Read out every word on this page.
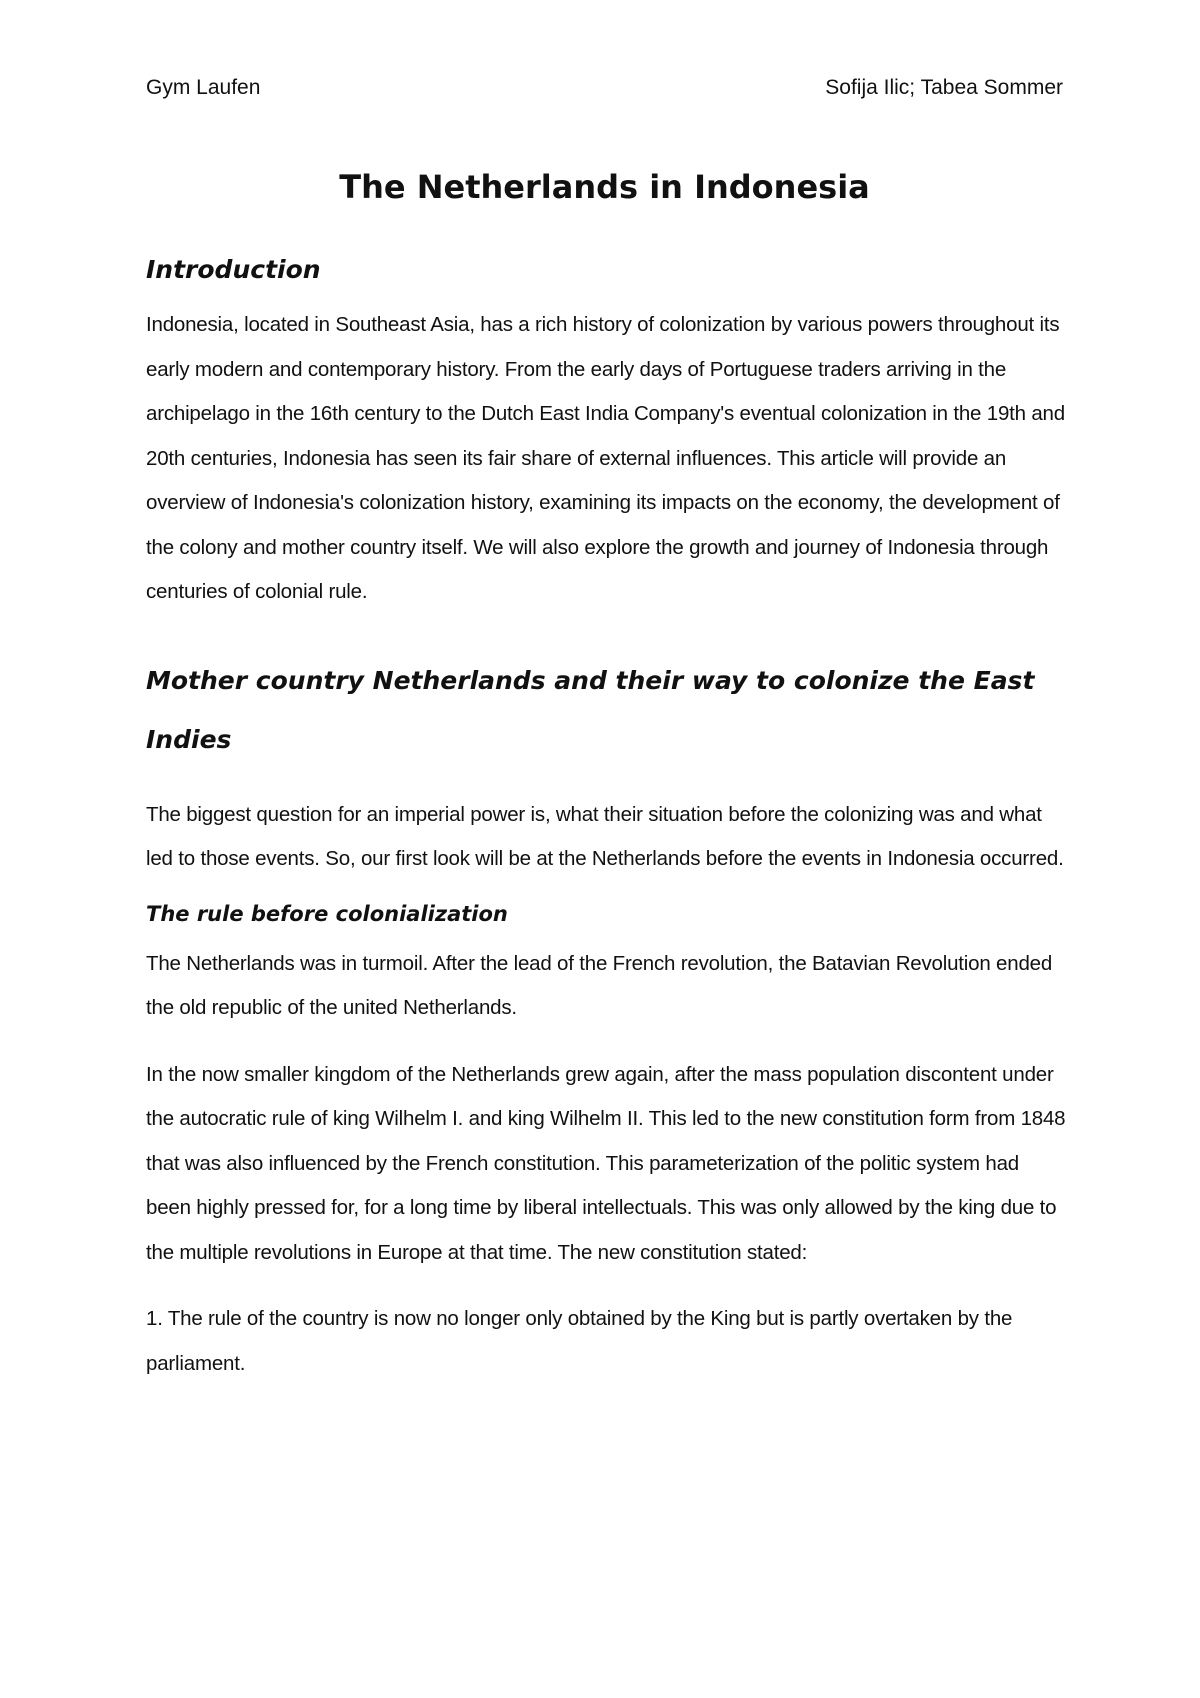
Gym Laufen	Sofija Ilic; Tabea Sommer
The Netherlands in Indonesia
Introduction

Indonesia, located in Southeast Asia, has a rich history of colonization by various powers throughout its early modern and contemporary history. From the early days of Portuguese traders arriving in the archipelago in the 16th century to the Dutch East India Company's eventual colonization in the 19th and 20th centuries, Indonesia has seen its fair share of external influences. This article will provide an overview of Indonesia's colonization history, examining its impacts on the economy, the development of the colony and mother country itself. We will also explore the growth and journey of Indonesia through centuries of colonial rule.

Mother country Netherlands and their way to colonize the East Indies

The biggest question for an imperial power is, what their situation before the colonizing was and what led to those events. So, our first look will be at the Netherlands before the events in Indonesia occurred.

The rule before colonialization

The Netherlands was in turmoil. After the lead of the French revolution, the Batavian Revolution ended the old republic of the united Netherlands.

In the now smaller kingdom of the Netherlands grew again, after the mass population discontent under the autocratic rule of king Wilhelm I. and king Wilhelm II. This led to the new constitution form from 1848 that was also influenced by the French constitution. This parameterization of the politic system had been highly pressed for, for a long time by liberal intellectuals. This was only allowed by the king due to the multiple revolutions in Europe at that time. The new constitution stated:

1. The rule of the country is now no longer only obtained by the King but is partly overtaken by the parliament.
